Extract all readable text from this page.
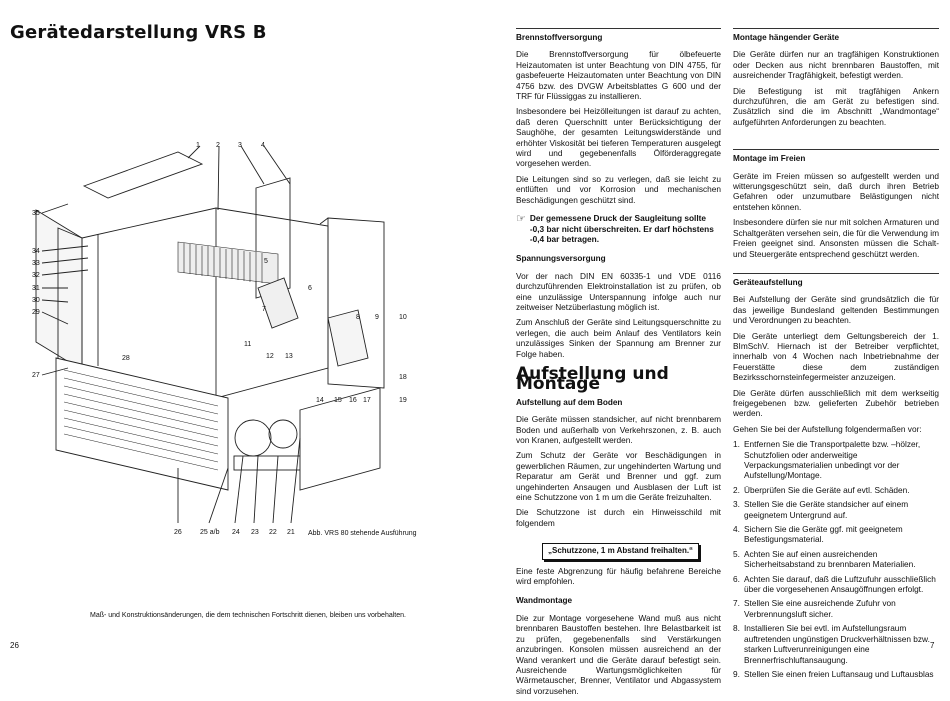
Gerätedarstellung VRS B
1 2	3	4
35
34
33
32
31
30
29
27
5
6
7
8 9	10
11
12 13
28
18
19
14 15 16 17
26	25 a/b 24 23 22 21 Abb. VRS 80 stehende Ausführung
Maß- und Konstruktionsänderungen, die dem technischen Fortschritt dienen, bleiben uns vorbehalten.
26
Brennstoffversorgung
Die Brennstoffversorgung für ölbefeuerte Heizautomaten ist unter Beachtung von DIN 4755, für gasbefeuerte Heizautomaten unter Beachtung von DIN 4756 bzw. des DVGW Arbeitsblattes G 600 und der TRF für Flüssiggas zu installieren.
Insbesondere bei Heizölleitungen ist darauf zu achten, daß deren Querschnitt unter Berücksichtigung der Saughöhe, der gesamten Leitungswiderstände und erhöhter Viskosität bei tieferen Temperaturen ausgelegt wird und gegebenenfalls Ölförderaggregate vorgesehen werden.
Die Leitungen sind so zu verlegen, daß sie leicht zu entlüften und vor Korrosion und mechanischen Beschädigungen geschützt sind.
☞ Der gemessene Druck der Saugleitung sollte -0,3 bar nicht überschreiten. Er darf höchstens -0,4 bar betragen.
Spannungsversorgung
Vor der nach DIN EN 60335-1 und VDE 0116 durchzuführenden Elektroinstallation ist zu prüfen, ob eine unzulässige Unterspannung infolge auch nur zeitweiser Netzüberlastung möglich ist.
Zum Anschluß der Geräte sind Leitungsquerschnitte zu verlegen, die auch beim Anlauf des Ventilators kein unzulässiges Sinken der Spannung am Brenner zur Folge haben.
Aufstellung und Montage
Aufstellung auf dem Boden
Die Geräte müssen standsicher, auf nicht brennbarem Boden und außerhalb von Verkehrszonen, z. B. auch von Kranen, aufgestellt werden.
Zum Schutz der Geräte vor Beschädigungen in gewerblichen Räumen, zur ungehinderten Wartung und Reparatur am Gerät und Brenner und ggf. zum ungehinderten Ansaugen und Ausblasen der Luft ist eine Schutzzone von 1 m um die Geräte freizuhalten.
Die Schutzzone ist durch ein Hinweisschild mit folgendem
„Schutzzone, 1 m Abstand freihalten.“
Eine feste Abgrenzung für häufig befahrene Bereiche wird empfohlen.
Wandmontage
Die zur Montage vorgesehene Wand muß aus nicht brennbaren Baustoffen bestehen. Ihre Belastbarkeit ist zu prüfen, gegebenenfalls sind Verstärkungen anzubringen. Konsolen müssen ausreichend an der Wand verankert und die Geräte darauf befestigt sein. Ausreichende Wartungsmöglichkeiten für Wärmetauscher, Brenner, Ventilator und Abgassystem sind vorzusehen.
Montage hängender Geräte
Die Geräte dürfen nur an tragfähigen Konstruktionen oder Decken aus nicht brennbaren Baustoffen, mit ausreichender Tragfähigkeit, befestigt werden.
Die Befestigung ist mit tragfähigen Ankern durchzuführen, die am Gerät zu befestigen sind. Zusätzlich sind die im Abschnitt „Wandmontage“ aufgeführten Anforderungen zu beachten.
Montage im Freien
Geräte im Freien müssen so aufgestellt werden und witterungsgeschützt sein, daß durch ihren Betrieb Gefahren oder unzumutbare Belästigungen nicht entstehen können.
Insbesondere dürfen sie nur mit solchen Armaturen und Schaltgeräten versehen sein, die für die Verwendung im Freien geeignet sind. Ansonsten müssen die Schalt- und Steuergeräte entsprechend geschützt werden.
Geräteaufstellung
Bei Aufstellung der Geräte sind grundsätzlich die für das jeweilige Bundesland geltenden Bestimmungen und Verordnungen zu beachten.
Die Geräte unterliegt dem Geltungsbereich der 1. BImSchV. Hiernach ist der Betreiber verpflichtet, innerhalb von 4 Wochen nach Inbetriebnahme der Feuerstätte diese dem zuständigen Bezirksschornsteinfegermeister anzuzeigen.
Die Geräte dürfen ausschließlich mit dem werkseitig freigegebenen bzw. gelieferten Zubehör betrieben werden.
Gehen Sie bei der Aufstellung folgendermaßen vor:
1. Entfernen Sie die Transportpalette bzw. –hölzer, Schutzfolien oder anderweitige Verpackungsmaterialien unbedingt vor der Aufstellung/Montage.
2. Überprüfen Sie die Geräte auf evtl. Schäden.
3. Stellen Sie die Geräte standsicher auf einem geeignetem Untergrund auf.
4. Sichern Sie die Geräte ggf. mit geeignetem Befestigungsmaterial.
5. Achten Sie auf einen ausreichenden Sicherheitsabstand zu brennbaren Materialien.
6. Achten Sie darauf, daß die Luftzufuhr ausschließlich über die vorgesehenen Ansaugöffnungen erfolgt.
7. Stellen Sie eine ausreichende Zufuhr von Verbrennungsluft sicher.
8. Installieren Sie bei evtl. im Aufstellungsraum auftretenden ungünstigen Druckverhältnissen bzw. starken Luftverunreinigungen eine Brennerfrischluftansaugung.
9. Stellen Sie einen freien Luftansaug und Luftausblas
7
